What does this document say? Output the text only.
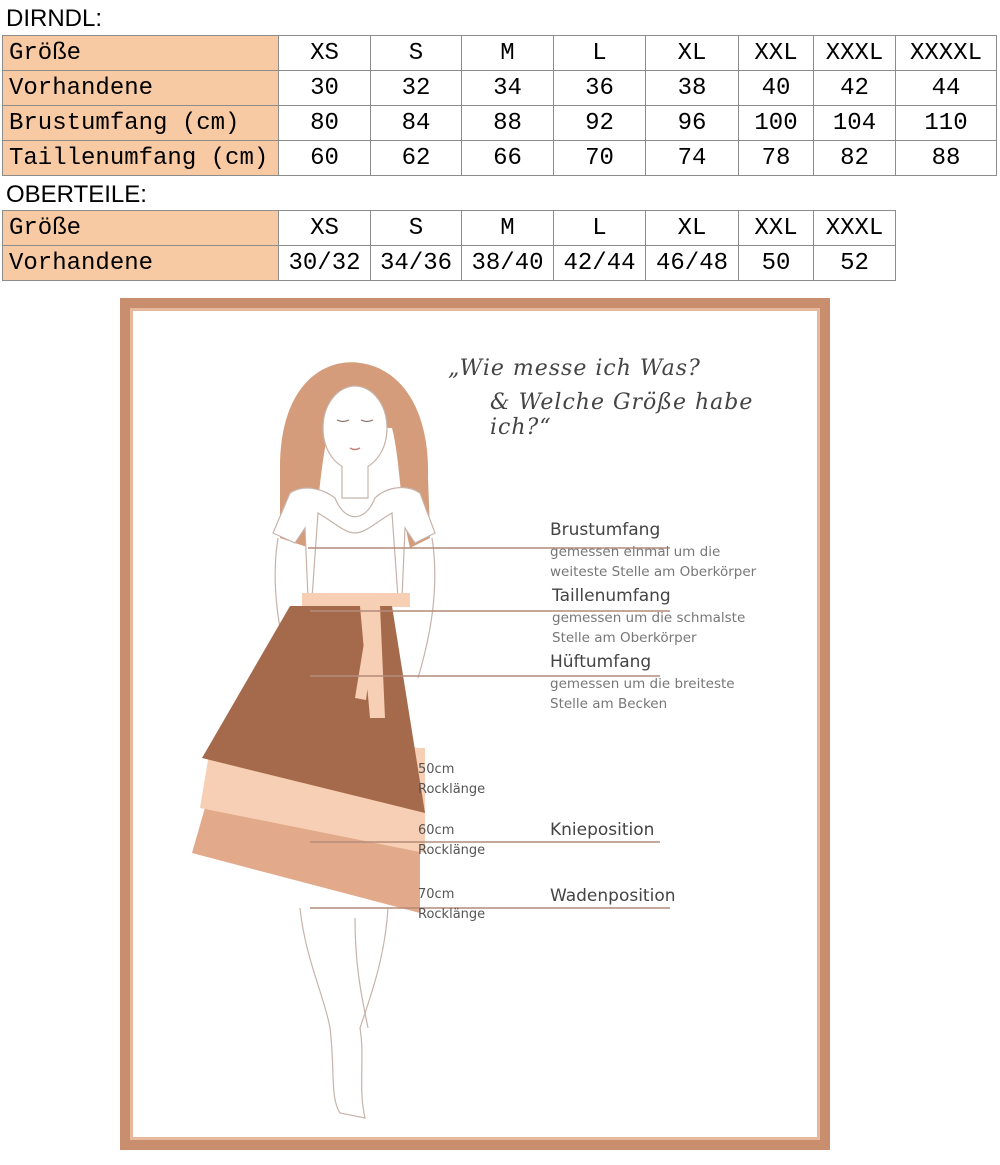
DIRNDL:
Größe	XS	S	M	L	XL	XXL	XXXL	XXXXL
Vorhandene	30	32	34	36	38	40	42	44
Brustumfang (cm)	80	84	88	92	96	100	104	110
Taillenumfang (cm)	60	62	66	70	74	78	82	88
OBERTEILE:
Größe	XS	S	M	L	XL	XXL	XXXL
Vorhandene	30/32	34/36	38/40	42/44	46/48	50	52
„Wie messe ich Was?
& Welche Größe habe ich?“
Brustumfang
gemessen einmal um die
weiteste Stelle am Oberkörper
Taillenumfang
gemessen um die schmalste
Stelle am Oberkörper
Hüftumfang
gemessen um die breiteste
Stelle am Becken
50cm
Rocklänge
60cm
Rocklänge
Knieposition
70cm
Rocklänge
Wadenposition
